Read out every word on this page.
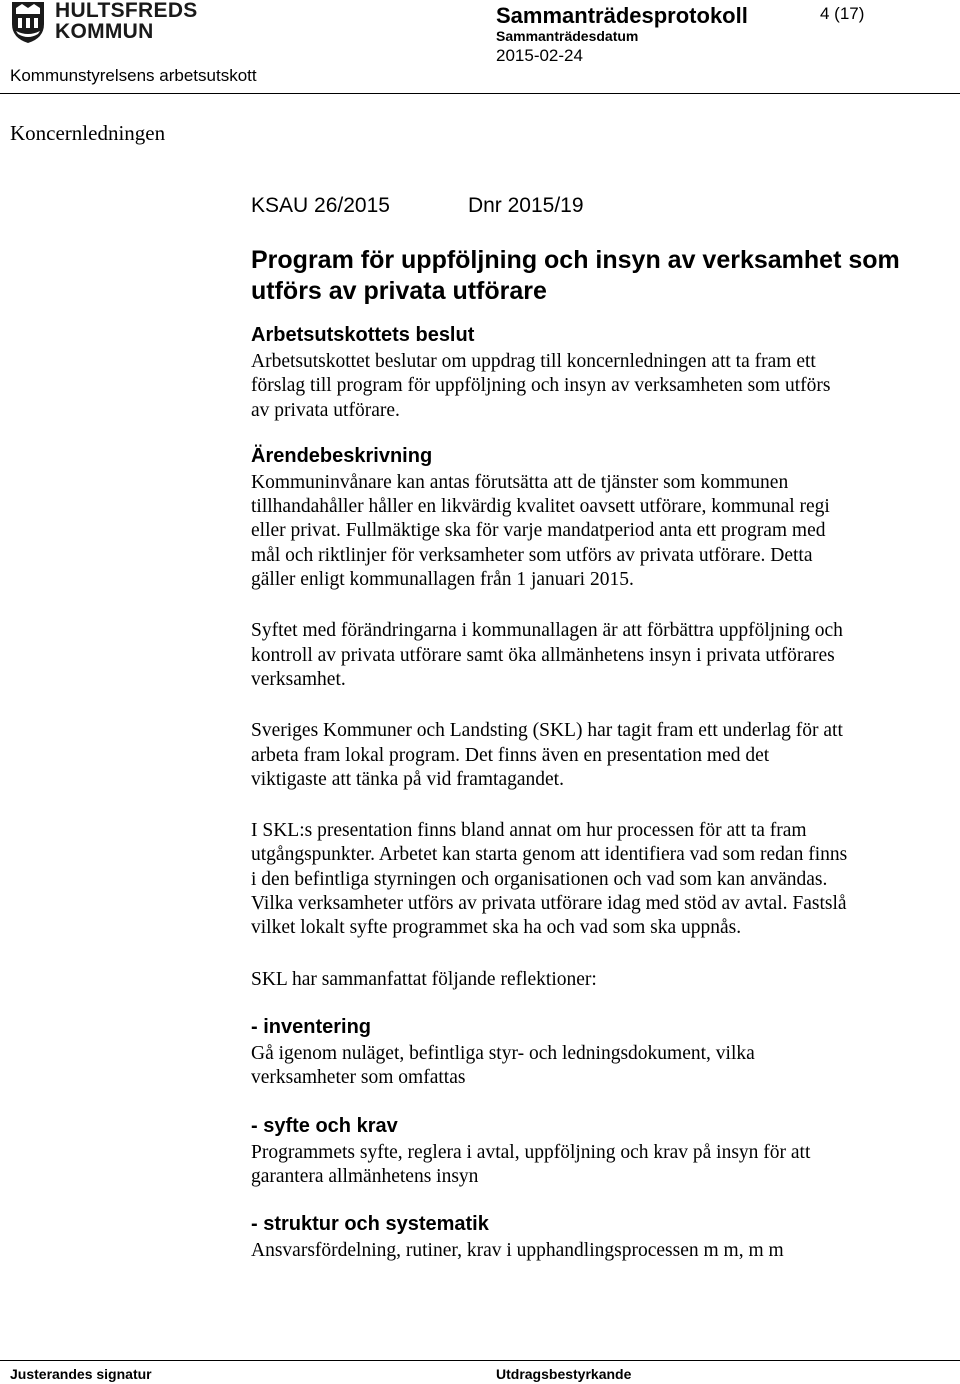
HULTSFREDS
KOMMUN
Sammanträdesprotokoll
Sammanträdesdatum
2015-02-24
4 (17)
Kommunstyrelsens arbetsutskott
Koncernledningen
KSAU 26/2015	Dnr 2015/19
Program för uppföljning och insyn av verksamhet som
utförs av privata utförare
Arbetsutskottets beslut
Arbetsutskottet beslutar om uppdrag till koncernledningen att ta fram ett
förslag till program för uppföljning och insyn av verksamheten som utförs
av privata utförare.
Ärendebeskrivning
Kommuninvånare kan antas förutsätta att de tjänster som kommunen
tillhandahåller håller en likvärdig kvalitet oavsett utförare, kommunal regi
eller privat. Fullmäktige ska för varje mandatperiod anta ett program med
mål och riktlinjer för verksamheter som utförs av privata utförare. Detta
gäller enligt kommunallagen från 1 januari 2015.
Syftet med förändringarna i kommunallagen är att förbättra uppföljning och
kontroll av privata utförare samt öka allmänhetens insyn i privata utförares
verksamhet.
Sveriges Kommuner och Landsting (SKL) har tagit fram ett underlag för att
arbeta fram lokal program. Det finns även en presentation med det
viktigaste att tänka på vid framtagandet.
I SKL:s presentation finns bland annat om hur processen för att ta fram
utgångspunkter. Arbetet kan starta genom att identifiera vad som redan finns
i den befintliga styrningen och organisationen och vad som kan användas.
Vilka verksamheter utförs av privata utförare idag med stöd av avtal. Fastslå
vilket lokalt syfte programmet ska ha och vad som ska uppnås.
SKL har sammanfattat följande reflektioner:
- inventering
Gå igenom nuläget, befintliga styr- och ledningsdokument, vilka
verksamheter som omfattas
- syfte och krav
Programmets syfte, reglera i avtal, uppföljning och krav på insyn för att
garantera allmänhetens insyn
- struktur och systematik
Ansvarsfördelning, rutiner, krav i upphandlingsprocessen m m, m m
Justerandes signatur	Utdragsbestyrkande
